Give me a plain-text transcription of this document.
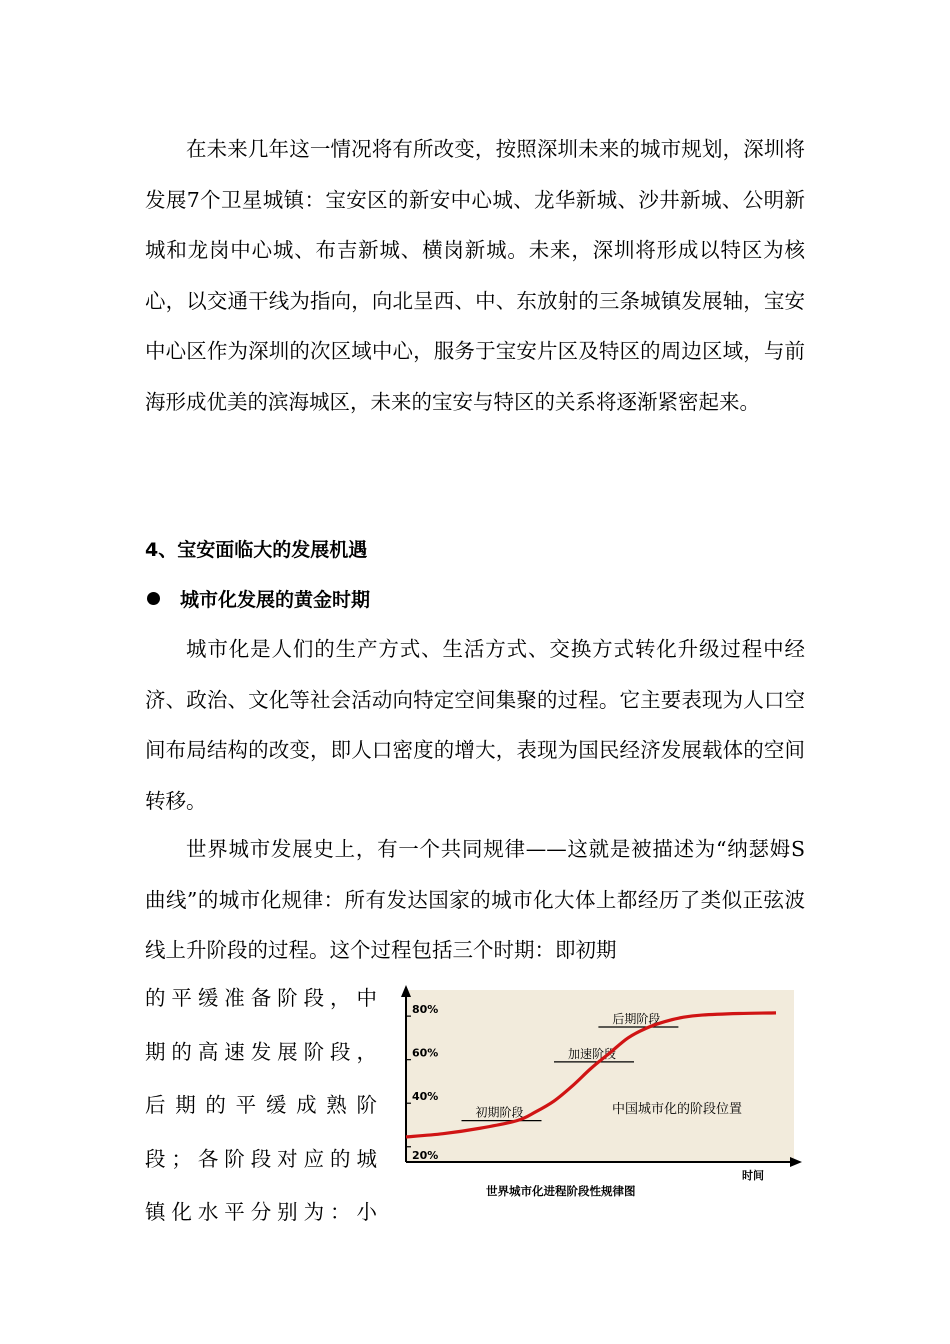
在未来几年这一情况将有所改变，按照深圳未来的城市规划，深圳将发展7个卫星城镇：宝安区的新安中心城、龙华新城、沙井新城、公明新城和龙岗中心城、布吉新城、横岗新城。未来，深圳将形成以特区为核心，以交通干线为指向，向北呈西、中、东放射的三条城镇发展轴，宝安中心区作为深圳的次区域中心，服务于宝安片区及特区的周边区域，与前海形成优美的滨海城区，未来的宝安与特区的关系将逐渐紧密起来。

4、宝安面临大的发展机遇
城市化发展的黄金时期

城市化是人们的生产方式、生活方式、交换方式转化升级过程中经济、政治、文化等社会活动向特定空间集聚的过程。它主要表现为人口空间布局结构的改变，即人口密度的增大，表现为国民经济发展载体的空间转移。

世界城市发展史上，有一个共同规律——这就是被描述为“纳瑟姆S曲线”的城市化规律：所有发达国家的城市化大体上都经历了类似正弦波线上升阶段的过程。这个过程包括三个时期：即初期

的平缓准备阶段，中
期的高速发展阶段，
后期的平缓成熟阶
段；各阶段对应的城
镇化水平分别为：小
80%
60%
40%
20%
初期阶段
加速阶段
后期阶段
中国城市化的阶段位置
时间
世界城市化进程阶段性规律图
